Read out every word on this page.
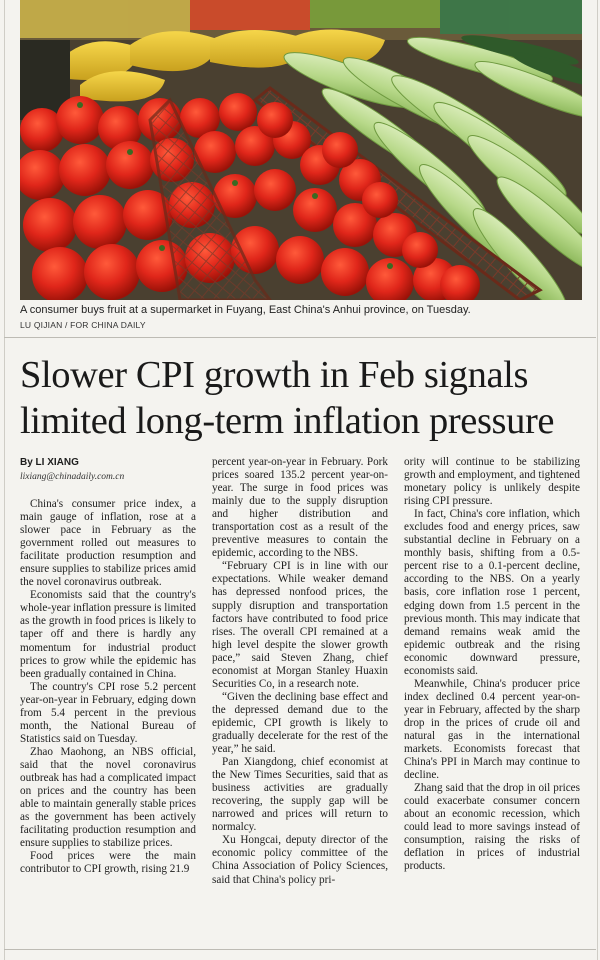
A consumer buys fruit at a supermarket in Fuyang, East China's Anhui province, on Tuesday.
LU QIJIAN / FOR CHINA DAILY
Slower CPI growth in Feb signals
limited long-term inflation pressure
By LI XIANG
lixiang@chinadaily.com.cn

China's consumer price index, a main gauge of inflation, rose at a slower pace in February as the government rolled out measures to facilitate production resumption and ensure supplies to stabilize prices amid the novel coronavirus outbreak.

Economists said that the country's whole-year inflation pressure is limited as the growth in food prices is likely to taper off and there is hardly any momentum for industrial product prices to grow while the epidemic has been gradually contained in China.

The country's CPI rose 5.2 percent year-on-year in February, edging down from 5.4 percent in the previous month, the National Bureau of Statistics said on Tuesday.

Zhao Maohong, an NBS official, said that the novel coronavirus outbreak has had a complicated impact on prices and the country has been able to maintain generally stable prices as the government has been actively facilitating production resumption and ensure supplies to stabilize prices.

Food prices were the main contributor to CPI growth, rising 21.9

percent year-on-year in February. Pork prices soared 135.2 percent year-on-year. The surge in food prices was mainly due to the supply disruption and higher distribution and transportation cost as a result of the preventive measures to contain the epidemic, according to the NBS.

“February CPI is in line with our expectations. While weaker demand has depressed nonfood prices, the supply disruption and transportation factors have contributed to food price rises. The overall CPI remained at a high level despite the slower growth pace,” said Steven Zhang, chief economist at Morgan Stanley Huaxin Securities Co, in a research note.

“Given the declining base effect and the depressed demand due to the epidemic, CPI growth is likely to gradually decelerate for the rest of the year,” he said.

Pan Xiangdong, chief economist at the New Times Securities, said that as business activities are gradually recovering, the supply gap will be narrowed and prices will return to normalcy.

Xu Hongcai, deputy director of the economic policy committee of the China Association of Policy Sciences, said that China's policy pri-

ority will continue to be stabilizing growth and employment, and tightened monetary policy is unlikely despite rising CPI pressure.

In fact, China's core inflation, which excludes food and energy prices, saw substantial decline in February on a monthly basis, shifting from a 0.5-percent rise to a 0.1-percent decline, according to the NBS. On a yearly basis, core inflation rose 1 percent, edging down from 1.5 percent in the previous month. This may indicate that demand remains weak amid the epidemic outbreak and the rising economic downward pressure, economists said.

Meanwhile, China's producer price index declined 0.4 percent year-on-year in February, affected by the sharp drop in the prices of crude oil and natural gas in the international markets. Economists forecast that China's PPI in March may continue to decline.

Zhang said that the drop in oil prices could exacerbate consumer concern about an economic recession, which could lead to more savings instead of consumption, raising the risks of deflation in prices of industrial products.
